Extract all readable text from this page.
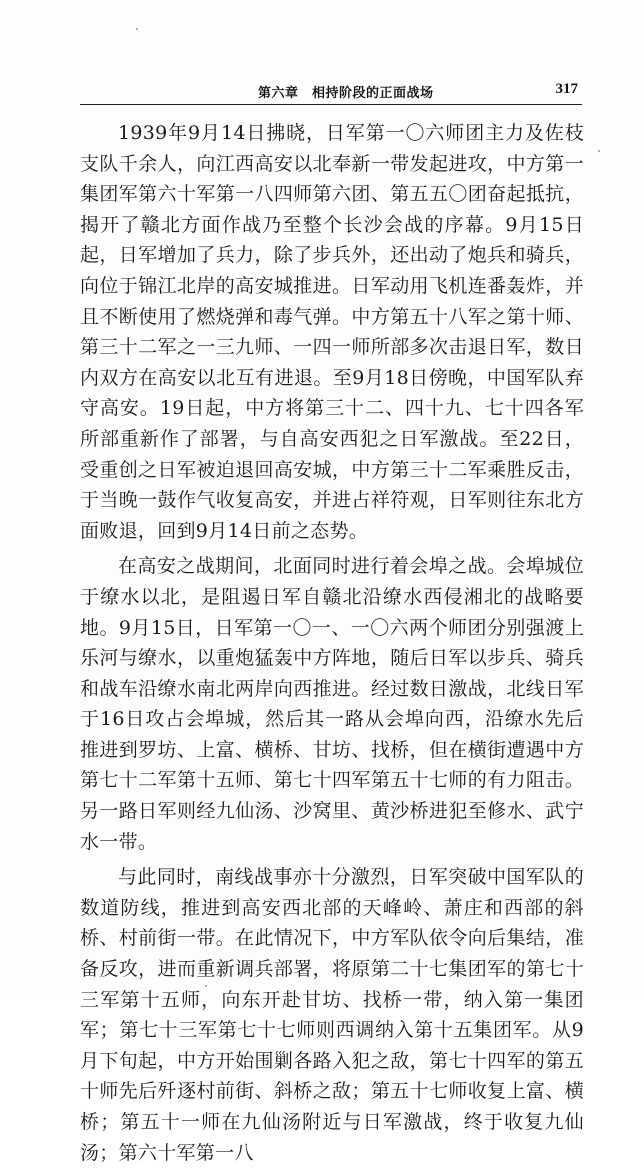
第六章　相持阶段的正面战场	317

1939年9月14日拂晓，日军第一〇六师团主力及佐枝支队千余人，向江西高安以北奉新一带发起进攻，中方第一集团军第六十军第一八四师第六团、第五五〇团奋起抵抗，揭开了赣北方面作战乃至整个长沙会战的序幕。9月15日起，日军增加了兵力，除了步兵外，还出动了炮兵和骑兵，向位于锦江北岸的高安城推进。日军动用飞机连番轰炸，并且不断使用了燃烧弹和毒气弹。中方第五十八军之第十师、第三十二军之一三九师、一四一师所部多次击退日军，数日内双方在高安以北互有进退。至9月18日傍晚，中国军队弃守高安。19日起，中方将第三十二、四十九、七十四各军所部重新作了部署，与自高安西犯之日军激战。至22日，受重创之日军被迫退回高安城，中方第三十二军乘胜反击，于当晚一鼓作气收复高安，并进占祥符观，日军则往东北方面败退，回到9月14日前之态势。

在高安之战期间，北面同时进行着会埠之战。会埠城位于缭水以北，是阻遏日军自赣北沿缭水西侵湘北的战略要地。9月15日，日军第一〇一、一〇六两个师团分别强渡上乐河与缭水，以重炮猛轰中方阵地，随后日军以步兵、骑兵和战车沿缭水南北两岸向西推进。经过数日激战，北线日军于16日攻占会埠城，然后其一路从会埠向西，沿缭水先后推进到罗坊、上富、横桥、甘坊、找桥，但在横街遭遇中方第七十二军第十五师、第七十四军第五十七师的有力阻击。另一路日军则经九仙汤、沙窝里、黄沙桥进犯至修水、武宁水一带。

与此同时，南线战事亦十分激烈，日军突破中国军队的数道防线，推进到高安西北部的天峰岭、萧庄和西部的斜桥、村前街一带。在此情况下，中方军队依令向后集结，准备反攻，进而重新调兵部署，将原第二十七集团军的第七十三军第十五师，向东开赴甘坊、找桥一带，纳入第一集团军；第七十三军第七十七师则西调纳入第十五集团军。从9月下旬起，中方开始围剿各路入犯之敌，第七十四军的第五十师先后歼逐村前街、斜桥之敌；第五十七师收复上富、横桥；第五十一师在九仙汤附近与日军激战，终于收复九仙汤；第六十军第一八
